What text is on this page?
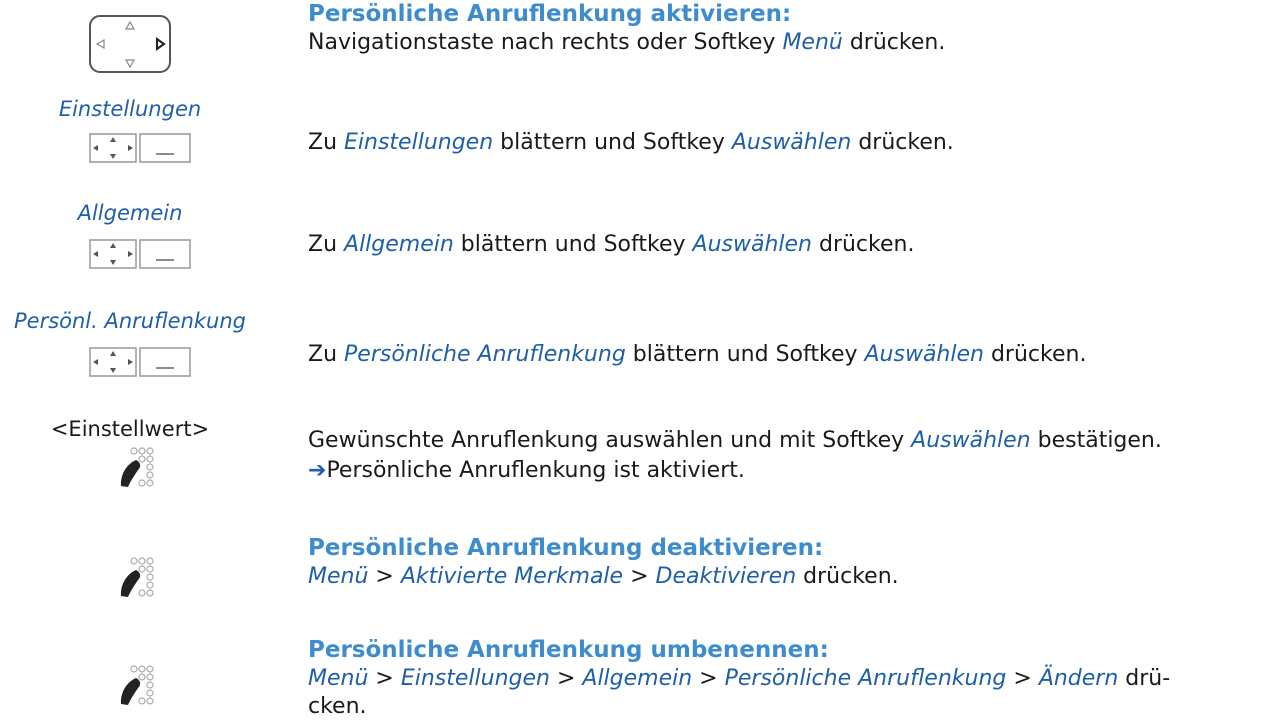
Persönliche Anruflenkung aktivieren:
Navigationstaste nach rechts oder Softkey Menü drücken.
Einstellungen
Zu Einstellungen blättern und Softkey Auswählen drücken.
Allgemein
Zu Allgemein blättern und Softkey Auswählen drücken.
Persönl. Anruflenkung
Zu Persönliche Anruflenkung blättern und Softkey Auswählen drücken.
<Einstellwert>	Gewünschte Anruflenkung auswählen und mit Softkey Auswählen bestätigen.
➔Persönliche Anruflenkung ist aktiviert.
Persönliche Anruflenkung deaktivieren:
Menü > Aktivierte Merkmale > Deaktivieren drücken.
Persönliche Anruflenkung umbenennen:
Menü > Einstellungen > Allgemein > Persönliche Anruflenkung > Ändern drü-
cken.
